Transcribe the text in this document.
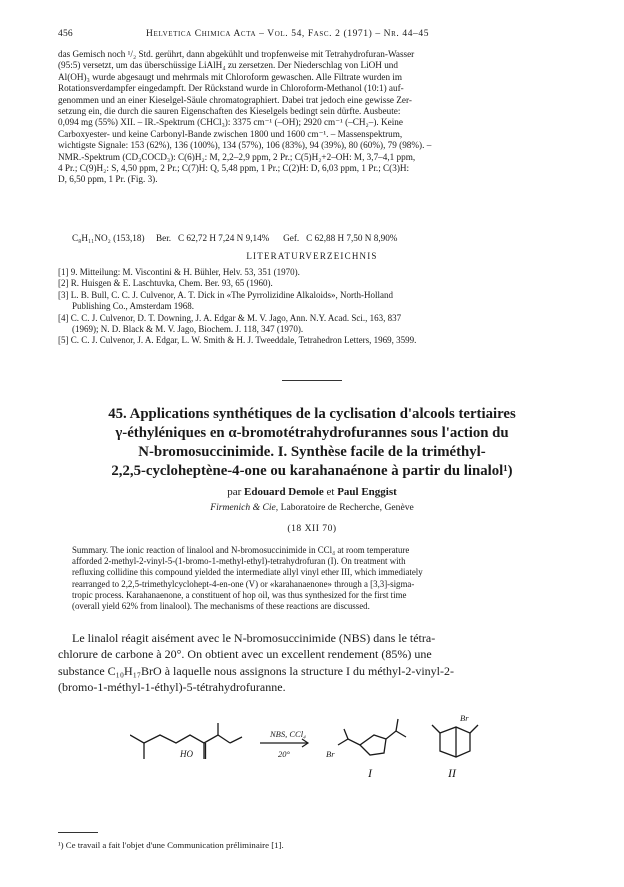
456	Helvetica Chimica Acta – Vol. 54, Fasc. 2 (1971) – Nr. 44–45
das Gemisch noch ¹/₂ Std. gerührt, dann abgekühlt und tropfenweise mit Tetrahydrofuran-Wasser
(95:5) versetzt, um das überschüssige LiAlH₄ zu zersetzen. Der Niederschlag von LiOH und
Al(OH)₃ wurde abgesaugt und mehrmals mit Chloroform gewaschen. Alle Filtrate wurden im
Rotationsverdampfer eingedampft. Der Rückstand wurde in Chloroform-Methanol (10:1) auf-
genommen und an einer Kieselgel-Säule chromatographiert. Dabei trat jedoch eine gewisse Zer-
setzung ein, die durch die sauren Eigenschaften des Kieselgels bedingt sein dürfte. Ausbeute:
0,094 mg (55%) XII. – IR.-Spektrum (CHCl₃): 3375 cm⁻¹ (–OH); 2920 cm⁻¹ (–CH₂–). Keine
Carboxyester- und keine Carbonyl-Bande zwischen 1800 und 1600 cm⁻¹. – Massenspektrum,
wichtigste Signale: 153 (62%), 136 (100%), 134 (57%), 106 (83%), 94 (39%), 80 (60%), 79 (98%). –
NMR.-Spektrum (CD₃COCD₃): C(6)H₂: M, 2,2–2,9 ppm, 2 Pr.; C(5)H₂+2–OH: M, 3,7–4,1 ppm,
4 Pr.; C(9)H₂: S, 4,50 ppm, 2 Pr.; C(7)H: Q, 5,48 ppm, 1 Pr.; C(2)H: D, 6,03 ppm, 1 Pr.; C(3)H:
D, 6,50 ppm, 1 Pr. (Fig. 3).
C₈H₁₁NO₂ (153,18) Ber. C 62,72 H 7,24 N 9,14% Gef. C 62,88 H 7,50 N 8,90%
LITERATURVERZEICHNIS
[1] 9. Mitteilung: M. Viscontini & H. Bühler, Helv. 53, 351 (1970).
[2] R. Huisgen & E. Laschtuvka, Chem. Ber. 93, 65 (1960).
[3] L. B. Bull, C. C. J. Culvenor, A. T. Dick in «The Pyrrolizidine Alkaloids», North-Holland
Publishing Co., Amsterdam 1968.
[4] C. C. J. Culvenor, D. T. Downing, J. A. Edgar & M. V. Jago, Ann. N.Y. Acad. Sci., 163, 837
(1969); N. D. Black & M. V. Jago, Biochem. J. 118, 347 (1970).
[5] C. C. J. Culvenor, J. A. Edgar, L. W. Smith & H. J. Tweeddale, Tetrahedron Letters, 1969, 3599.
45. Applications synthétiques de la cyclisation d'alcools tertiaires
γ-éthyléniques en α-bromotétrahydrofurannes sous l'action du
N-bromosuccinimide. I. Synthèse facile de la triméthyl-
2,2,5-cycloheptène-4-one ou karahanaénone à partir du linalol¹)
par Edouard Demole et Paul Enggist
Firmenich & Cie, Laboratoire de Recherche, Genève
(18 XII 70)
Summary. The ionic reaction of linalool and N-bromosuccinimide in CCl₄ at room temperature
afforded 2-methyl-2-vinyl-5-(1-bromo-1-methyl-ethyl)-tetrahydrofuran (I). On treatment with
refluxing collidine this compound yielded the intermediate allyl vinyl ether III, which immediately
rearranged to 2,2,5-trimethylcyclohept-4-en-one (V) or «karahanaenone» through a [3,3]-sigma-
tropic process. Karahanaenone, a constituent of hop oil, was thus synthesized for the first time
(overall yield 62% from linalool). The mechanisms of these reactions are discussed.
Le linalol réagit aisément avec le N-bromosuccinimide (NBS) dans le tétra-
chlorure de carbone à 20°. On obtient avec un excellent rendement (85%) une
substance C₁₀H₁₇BrO à laquelle nous assignons la structure I du méthyl-2-vinyl-2-
(bromo-1-méthyl-1-éthyl)-5-tétrahydrofuranne.
HO
NBS, CCl₄
20°	Br
I
Br
II
¹) Ce travail a fait l'objet d'une Communication préliminaire [1].
